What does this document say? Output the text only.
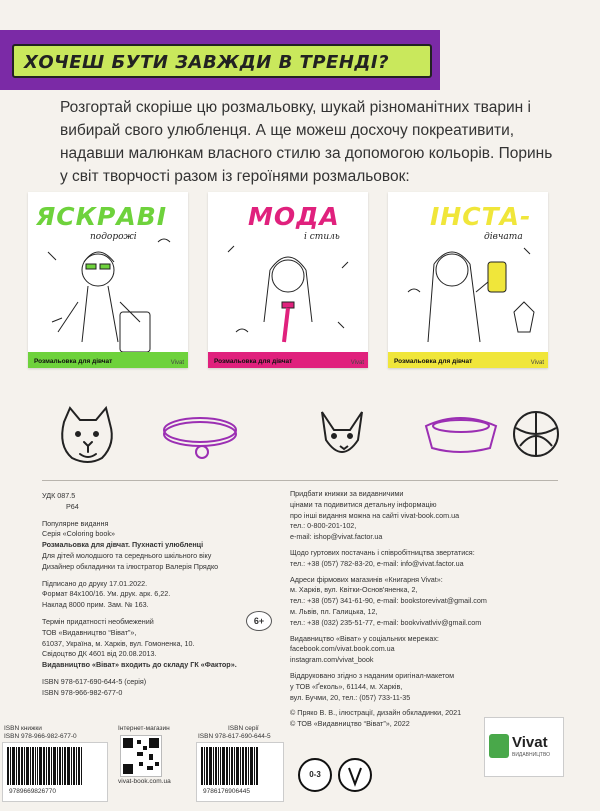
ХОЧЕШ БУТИ ЗАВЖДИ В ТРЕНДІ?
Розгортай скоріше цю розмальовку, шукай різноманітних тварин і вибирай свого улюбленця. А ще можеш досхочу покреативити, надавши малюнкам власного стилю за допомогою кольорів. Поринь у світ творчості разом із героїнями розмальовок:
ЯСКРАВІ
подорожі
Розмальовка для дівчат	Vivat
МОДА
і стиль
Розмальовка для дівчат	Vivat
ІНСТА-
дівчата
Розмальовка для дівчат	Vivat
УДК 087.5
Р64
Популярне видання
Серія «Coloring book»
Розмальовка для дівчат. Пухнасті улюбленці
Для дітей молодшого та середнього шкільного віку
6+
Дизайнер обкладинки та ілюстратор Валерія Прядко
Підписано до друку 17.01.2022.
Формат 84х100/16. Ум. друк. арк. 6,22.
Наклад 8000 прим. Зам. № 163.
Термін придатності необмежений
ТОВ «Видавництво “Віват”»,
61037, Україна, м. Харків, вул. Гомоненка, 10.
Свідоцтво ДК 4601 від 20.08.2013.
Видавництво «Віват» входить до складу ГК «Фактор».
ISBN 978-617-690-644-5 (серія)
ISBN 978-966-982-677-0
Придбати книжки за видавничими
цінами та подивитися детальну інформацію
про інші видання можна на сайті vivat-book.com.ua
тел.: 0-800-201-102,
e-mail: ishop@vivat.factor.ua
Щодо гуртових постачань і співробітництва звертатися:
тел.: +38 (057) 782-83-20, e-mail: info@vivat.factor.ua
Адреси фірмових магазинів «Книгарня Vivat»:
м. Харків, вул. Квітки-Основ'яненка, 2,
тел.: +38 (057) 341-61-90, e-mail: bookstorevivat@gmail.com
м. Львів, пл. Галицька, 12,
тел.: +38 (032) 235-51-77, e-mail: bookvivatlviv@gmail.com
Видавництво «Віват» у соціальних мережах:
facebook.com/vivat.book.com.ua
instagram.com/vivat_book
Віддруковано згідно з наданим оригінал-макетом
у ТОВ «Ґеколь», 61144, м. Харків,
вул. Бучми, 20, тел.: (057) 733-11-35
© Пряко В. В., ілюстрації, дизайн обкладинки, 2021
© ТОВ «Видавництво “Віват”», 2022
ISBN книжки
ISBN 978-966-982-677-0
9789669826770
Інтернет-магазин
vivat-book.com.ua
ISBN серії
ISBN 978-617-690-644-5
9786176906445
0-3
Vivat
ВИДАВНИЦТВО
